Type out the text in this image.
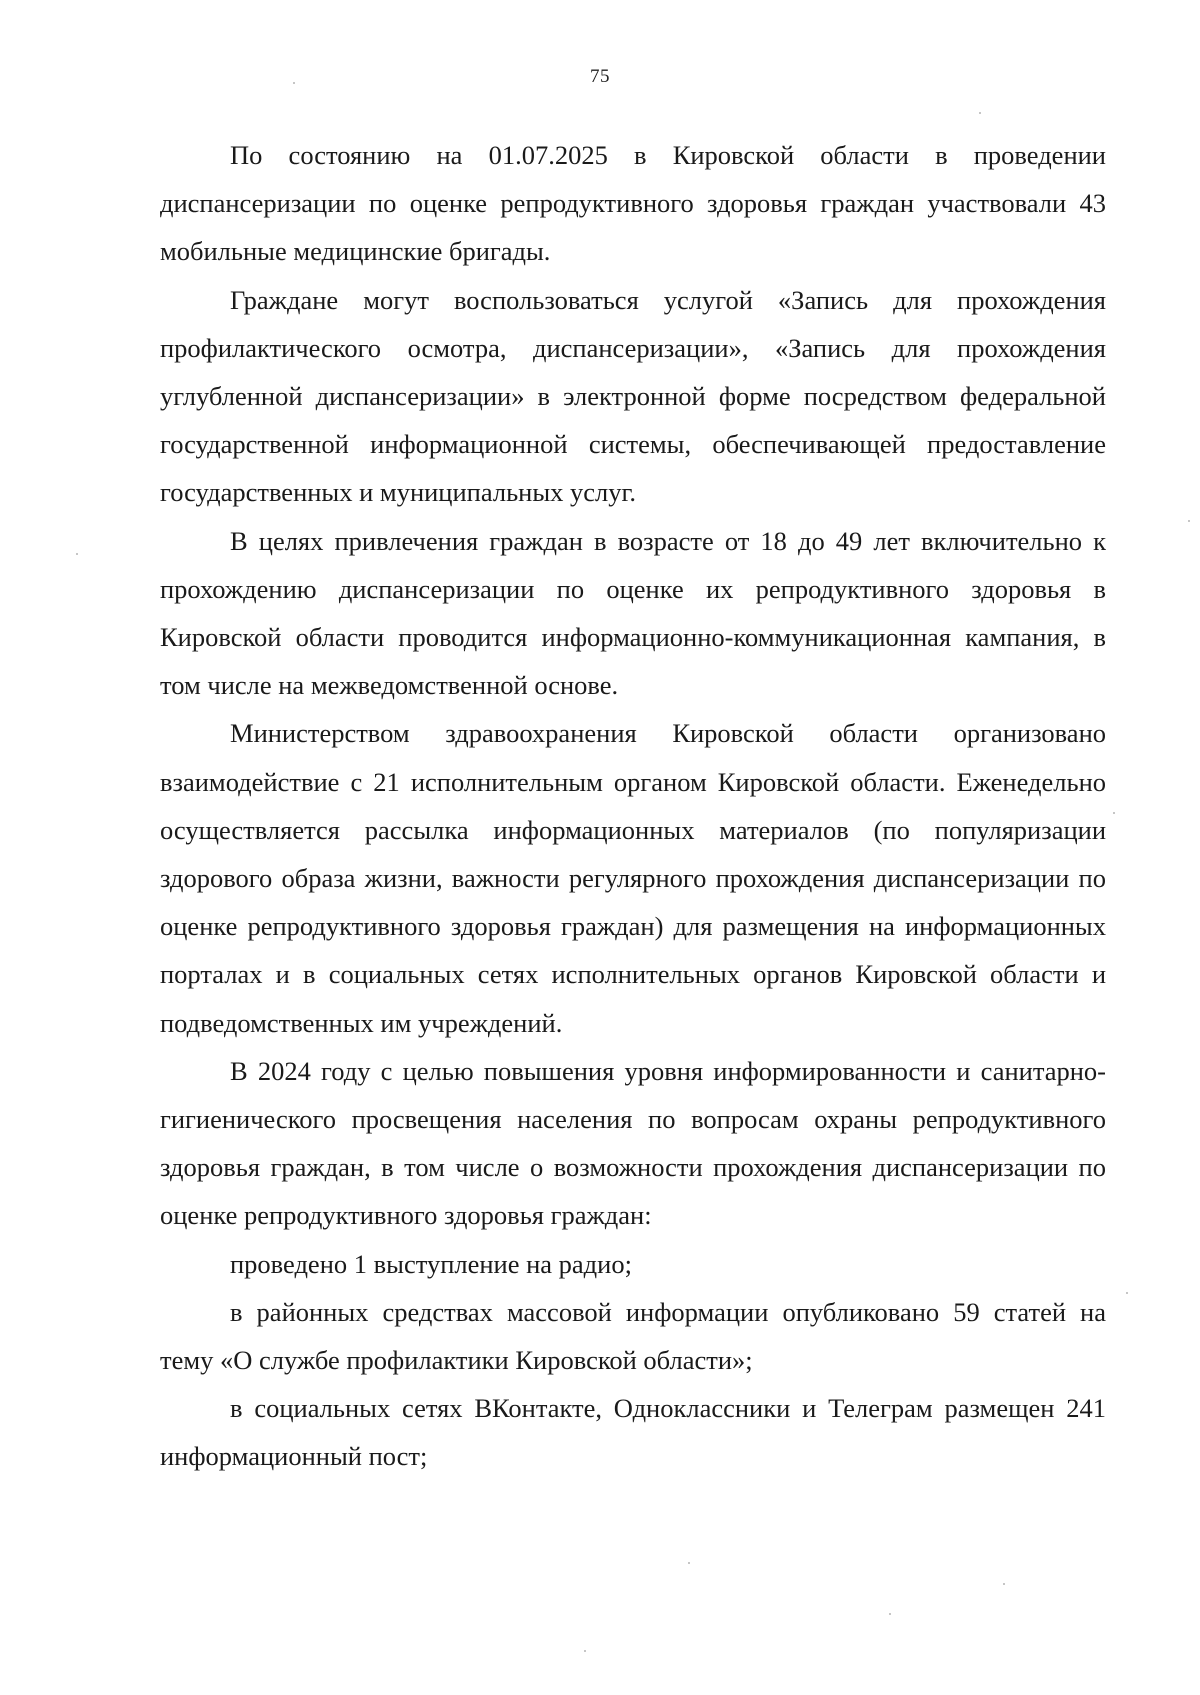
75

По состоянию на 01.07.2025 в Кировской области в проведении диспансеризации по оценке репродуктивного здоровья граждан участвовали 43 мобильные медицинские бригады.

Граждане могут воспользоваться услугой «Запись для прохождения профилактического осмотра, диспансеризации», «Запись для прохождения углубленной диспансеризации» в электронной форме посредством федеральной государственной информационной системы, обеспечивающей предоставление государственных и муниципальных услуг.

В целях привлечения граждан в возрасте от 18 до 49 лет включительно к прохождению диспансеризации по оценке их репродуктивного здоровья в Кировской области проводится информационно-коммуникационная кампания, в том числе на межведомственной основе.

Министерством здравоохранения Кировской области организовано взаимодействие с 21 исполнительным органом Кировской области. Еженедельно осуществляется рассылка информационных материалов (по популяризации здорового образа жизни, важности регулярного прохождения диспансеризации по оценке репродуктивного здоровья граждан) для размещения на информационных порталах и в социальных сетях исполнительных органов Кировской области и подведомственных им учреждений.

В 2024 году с целью повышения уровня информированности и санитарно-гигиенического просвещения населения по вопросам охраны репродуктивного здоровья граждан, в том числе о возможности прохождения диспансеризации по оценке репродуктивного здоровья граждан:

проведено 1 выступление на радио;

в районных средствах массовой информации опубликовано 59 статей на тему «О службе профилактики Кировской области»;

в социальных сетях ВКонтакте, Одноклассники и Телеграм размещен 241 информационный пост;
